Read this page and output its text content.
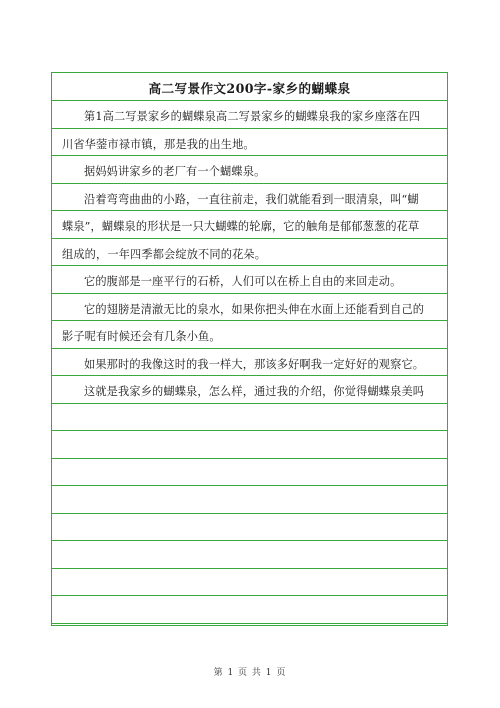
高二写景作文200字-家乡的蝴蝶泉
第1高二写景家乡的蝴蝶泉高二写景家乡的蝴蝶泉我的家乡座落在四
川省华蓥市禄市镇，那是我的出生地。
据妈妈讲家乡的老厂有一个蝴蝶泉。
沿着弯弯曲曲的小路，一直往前走，我们就能看到一眼清泉，叫“蝴
蝶泉”，蝴蝶泉的形状是一只大蝴蝶的轮廓，它的触角是郁郁葱葱的花草
组成的，一年四季都会绽放不同的花朵。
它的腹部是一座平行的石桥，人们可以在桥上自由的来回走动。
它的翅膀是清澈无比的泉水，如果你把头伸在水面上还能看到自己的
影子呢有时候还会有几条小鱼。
如果那时的我像这时的我一样大，那该多好啊我一定好好的观察它。
这就是我家乡的蝴蝶泉，怎么样，通过我的介绍，你觉得蝴蝶泉美吗
第 1 页 共 1 页
